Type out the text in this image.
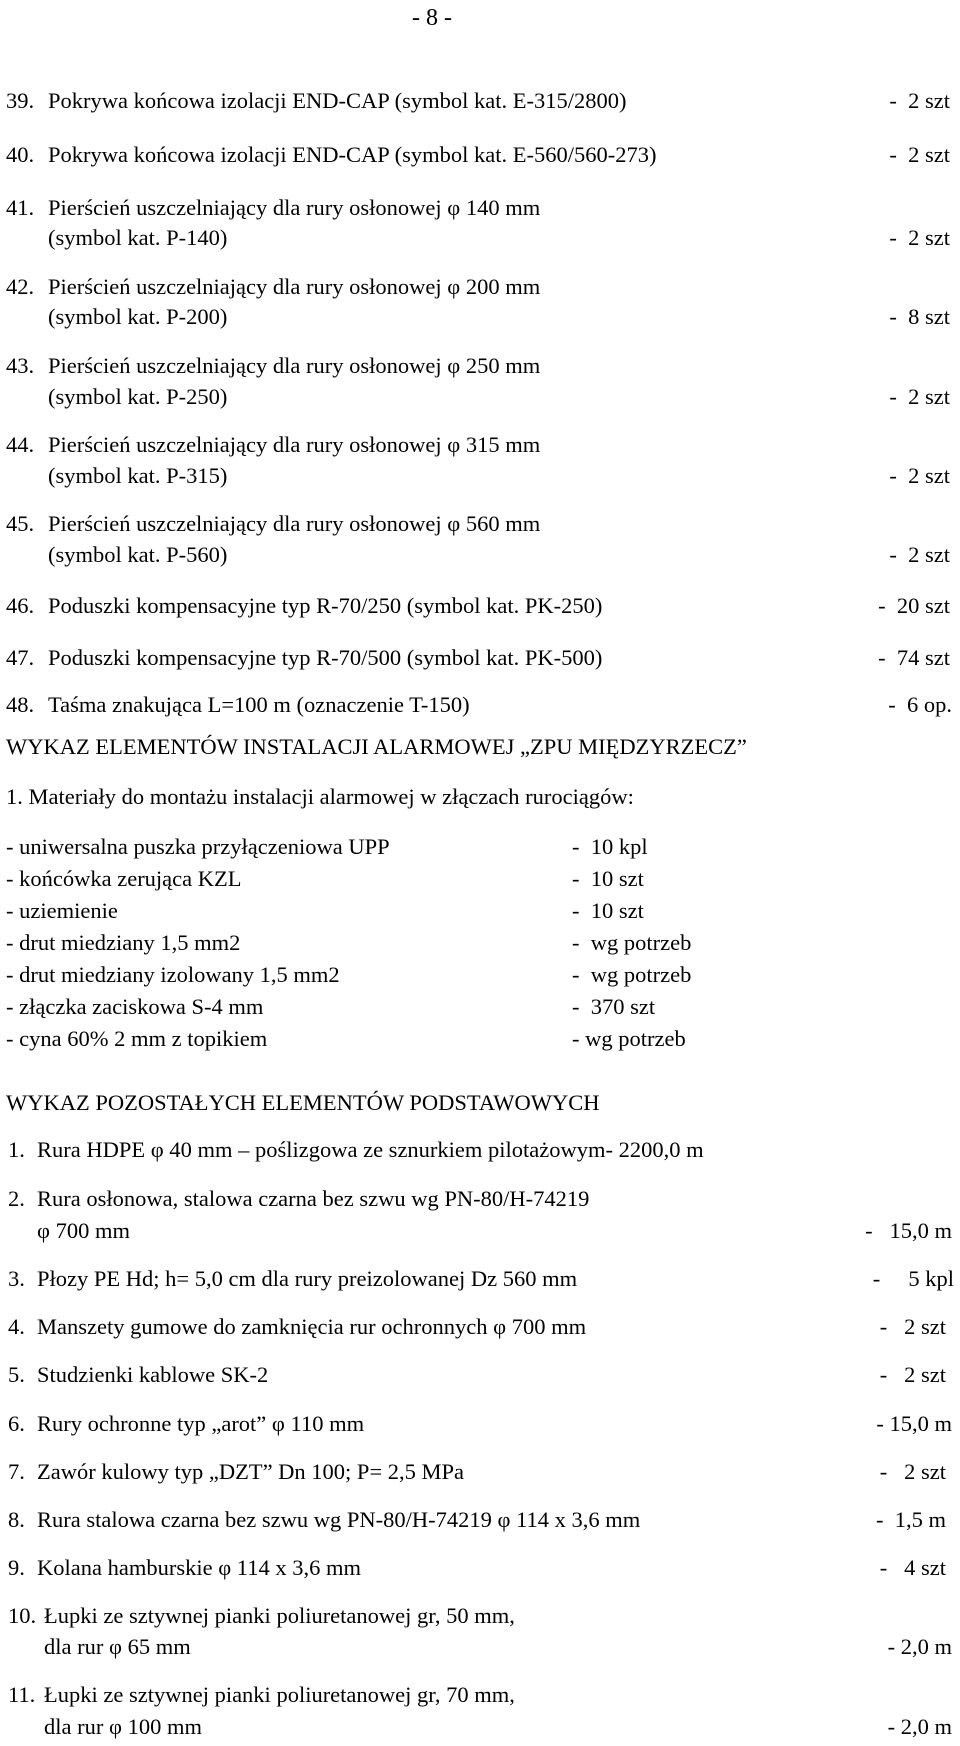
- 8 -
39. Pokrywa końcowa izolacji END-CAP (symbol kat. E-315/2800)	-  2 szt
40. Pokrywa końcowa izolacji END-CAP (symbol kat. E-560/560-273)	-  2 szt
41. Pierścień uszczelniający dla rury osłonowej φ 140 mm
(symbol kat. P-140)	-  2 szt
42. Pierścień uszczelniający dla rury osłonowej φ 200 mm
(symbol kat. P-200)	-  8 szt
43. Pierścień uszczelniający dla rury osłonowej φ 250 mm
(symbol kat. P-250)	-  2 szt
44. Pierścień uszczelniający dla rury osłonowej φ 315 mm
(symbol kat. P-315)	-  2 szt
45. Pierścień uszczelniający dla rury osłonowej φ 560 mm
(symbol kat. P-560)	-  2 szt
46. Poduszki kompensacyjne typ R-70/250 (symbol kat. PK-250)	-  20 szt
47. Poduszki kompensacyjne typ R-70/500 (symbol kat. PK-500)	-  74 szt
48. Taśma znakująca L=100 m (oznaczenie T-150)	-  6 op.
WYKAZ ELEMENTÓW INSTALACJI ALARMOWEJ „ZPU MIĘDZYRZECZ”
1. Materiały do montażu instalacji alarmowej w złączach rurociągów:
- uniwersalna puszka przyłączeniowa UPP	-  10 kpl
- końcówka zerująca KZL	-  10 szt
- uziemienie	-  10 szt
- drut miedziany 1,5 mm2	-  wg potrzeb
- drut miedziany izolowany 1,5 mm2	-  wg potrzeb
- złączka zaciskowa S-4 mm	-  370 szt
- cyna 60% 2 mm z topikiem	- wg potrzeb
WYKAZ POZOSTAŁYCH ELEMENTÓW PODSTAWOWYCH
1. Rura HDPE φ 40 mm – poślizgowa ze sznurkiem pilotażowym- 2200,0 m
2. Rura osłonowa, stalowa czarna bez szwu wg PN-80/H-74219
φ 700 mm	-   15,0 m
3. Płozy PE Hd; h= 5,0 cm dla rury preizolowanej Dz 560 mm	-     5 kpl
4. Manszety gumowe do zamknięcia rur ochronnych φ 700 mm	-   2 szt
5. Studzienki kablowe SK-2	-   2 szt
6. Rury ochronne typ „arot” φ 110 mm	- 15,0 m
7. Zawór kulowy typ „DZT” Dn 100; P= 2,5 MPa	-   2 szt
8. Rura stalowa czarna bez szwu wg PN-80/H-74219 φ 114 x 3,6 mm	-  1,5 m
9. Kolana hamburskie φ 114 x 3,6 mm	-   4 szt
10. Łupki ze sztywnej pianki poliuretanowej gr, 50 mm,
dla rur φ 65 mm	- 2,0 m
11. Łupki ze sztywnej pianki poliuretanowej gr, 70 mm,
dla rur φ 100 mm	- 2,0 m
